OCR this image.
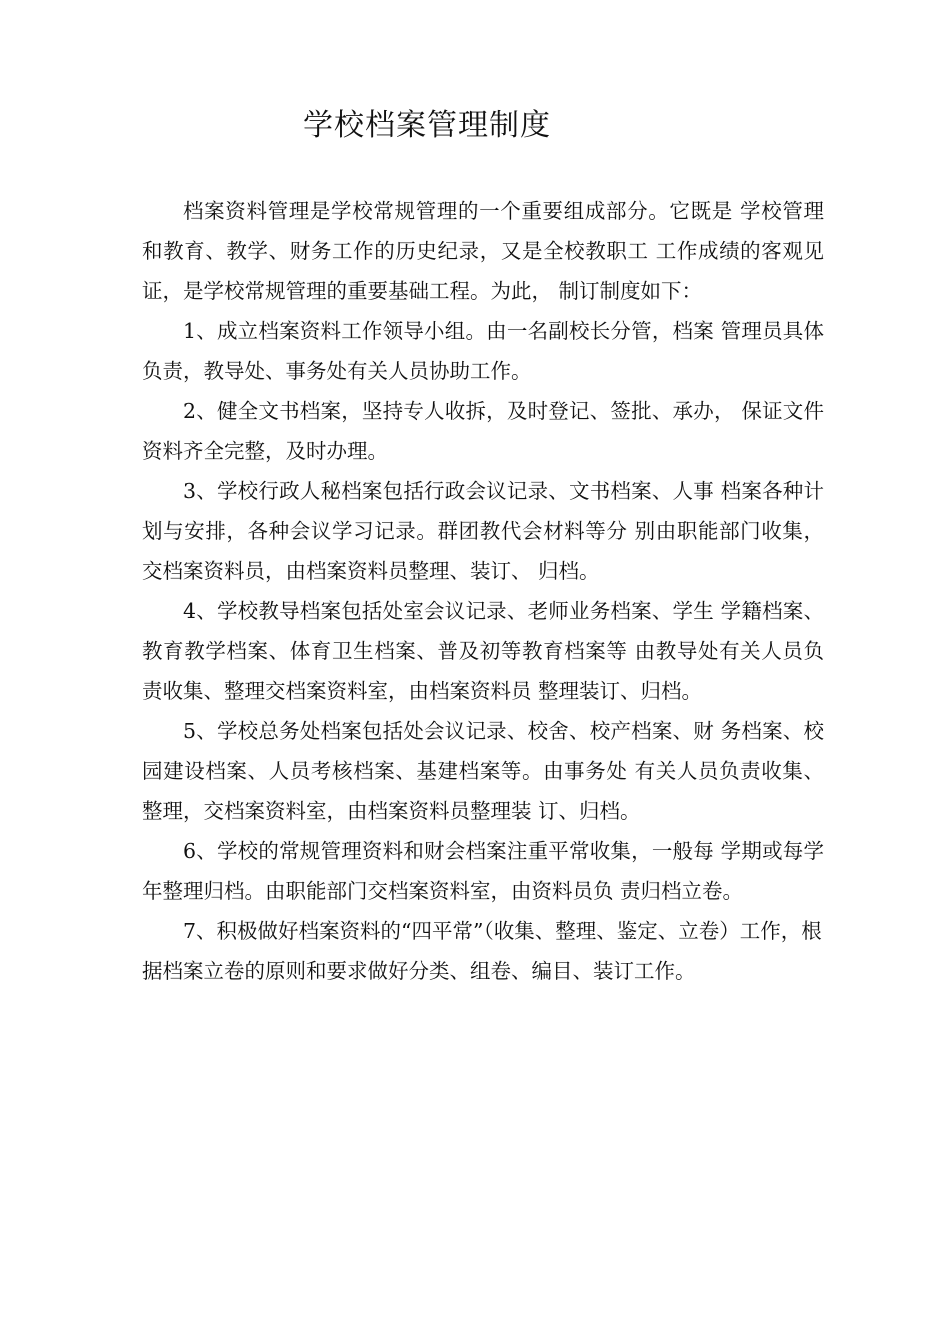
学校档案管理制度

档案资料管理是学校常规管理的一个重要组成部分。它既是 学校管理和教育、教学、财务工作的历史纪录，又是全校教职工 工作成绩的客观见证，是学校常规管理的重要基础工程。为此， 制订制度如下：

1、成立档案资料工作领导小组。由一名副校长分管，档案 管理员具体负责，教导处、事务处有关人员协助工作。

2、健全文书档案，坚持专人收拆，及时登记、签批、承办， 保证文件资料齐全完整，及时办理。

3、学校行政人秘档案包括行政会议记录、文书档案、人事 档案各种计划与安排，各种会议学习记录。群团教代会材料等分 别由职能部门收集，交档案资料员，由档案资料员整理、装订、 归档。

4、学校教导档案包括处室会议记录、老师业务档案、学生 学籍档案、教育教学档案、体育卫生档案、普及初等教育档案等 由教导处有关人员负责收集、整理交档案资料室，由档案资料员 整理装订、归档。

5、学校总务处档案包括处会议记录、校舍、校产档案、财 务档案、校园建设档案、人员考核档案、基建档案等。由事务处 有关人员负责收集、整理，交档案资料室，由档案资料员整理装 订、归档。

6、学校的常规管理资料和财会档案注重平常收集，一般每 学期或每学年整理归档。由职能部门交档案资料室，由资料员负 责归档立卷。

7、积极做好档案资料的“四平常”（收集、整理、鉴定、立卷）工作，根据档案立卷的原则和要求做好分类、组卷、编目、装订工作。
